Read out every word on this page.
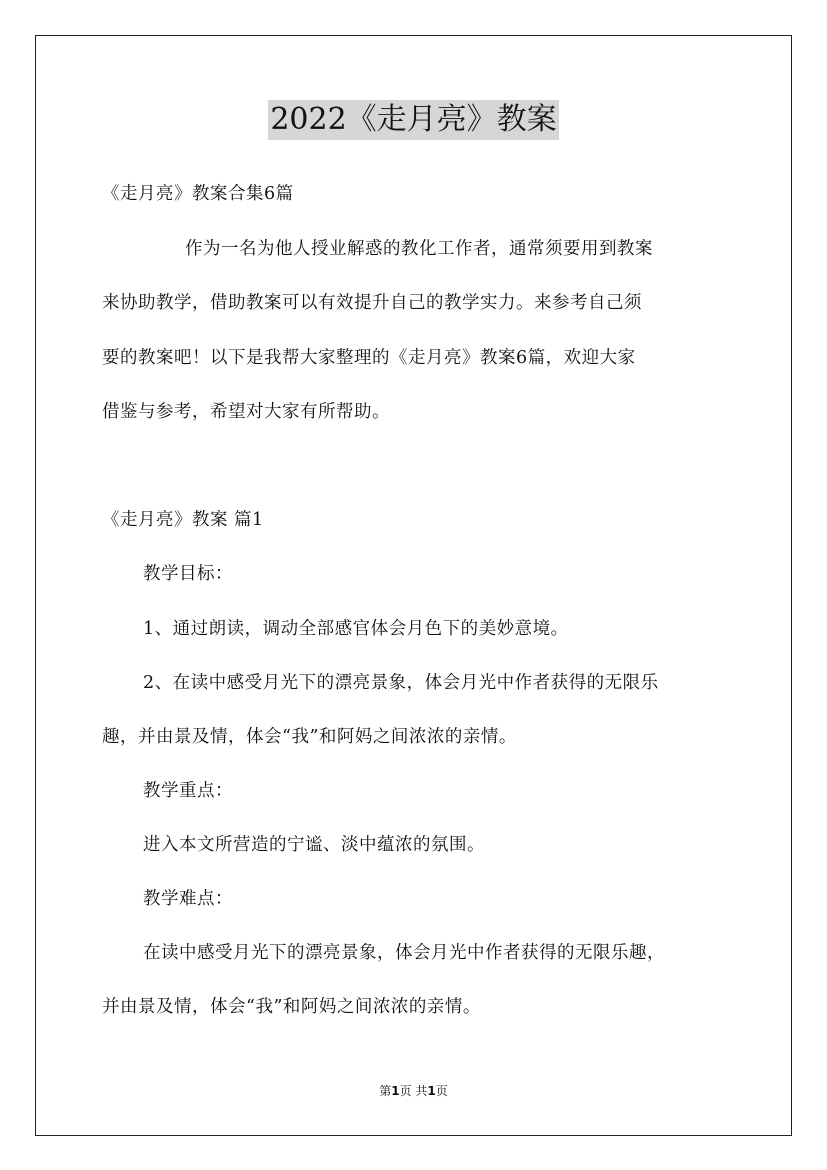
2022《走月亮》教案
《走月亮》教案合集6篇
作为一名为他人授业解惑的教化工作者，通常须要用到教案
来协助教学，借助教案可以有效提升自己的教学实力。来参考自己须
要的教案吧！以下是我帮大家整理的《走月亮》教案6篇，欢迎大家
借鉴与参考，希望对大家有所帮助。
《走月亮》教案 篇1
教学目标：
1、通过朗读，调动全部感官体会月色下的美妙意境。
2、在读中感受月光下的漂亮景象，体会月光中作者获得的无限乐
趣，并由景及情，体会“我”和阿妈之间浓浓的亲情。
教学重点：
进入本文所营造的宁谧、淡中蕴浓的氛围。
教学难点：
在读中感受月光下的漂亮景象，体会月光中作者获得的无限乐趣，
并由景及情，体会“我”和阿妈之间浓浓的亲情。
第1页 共1页
